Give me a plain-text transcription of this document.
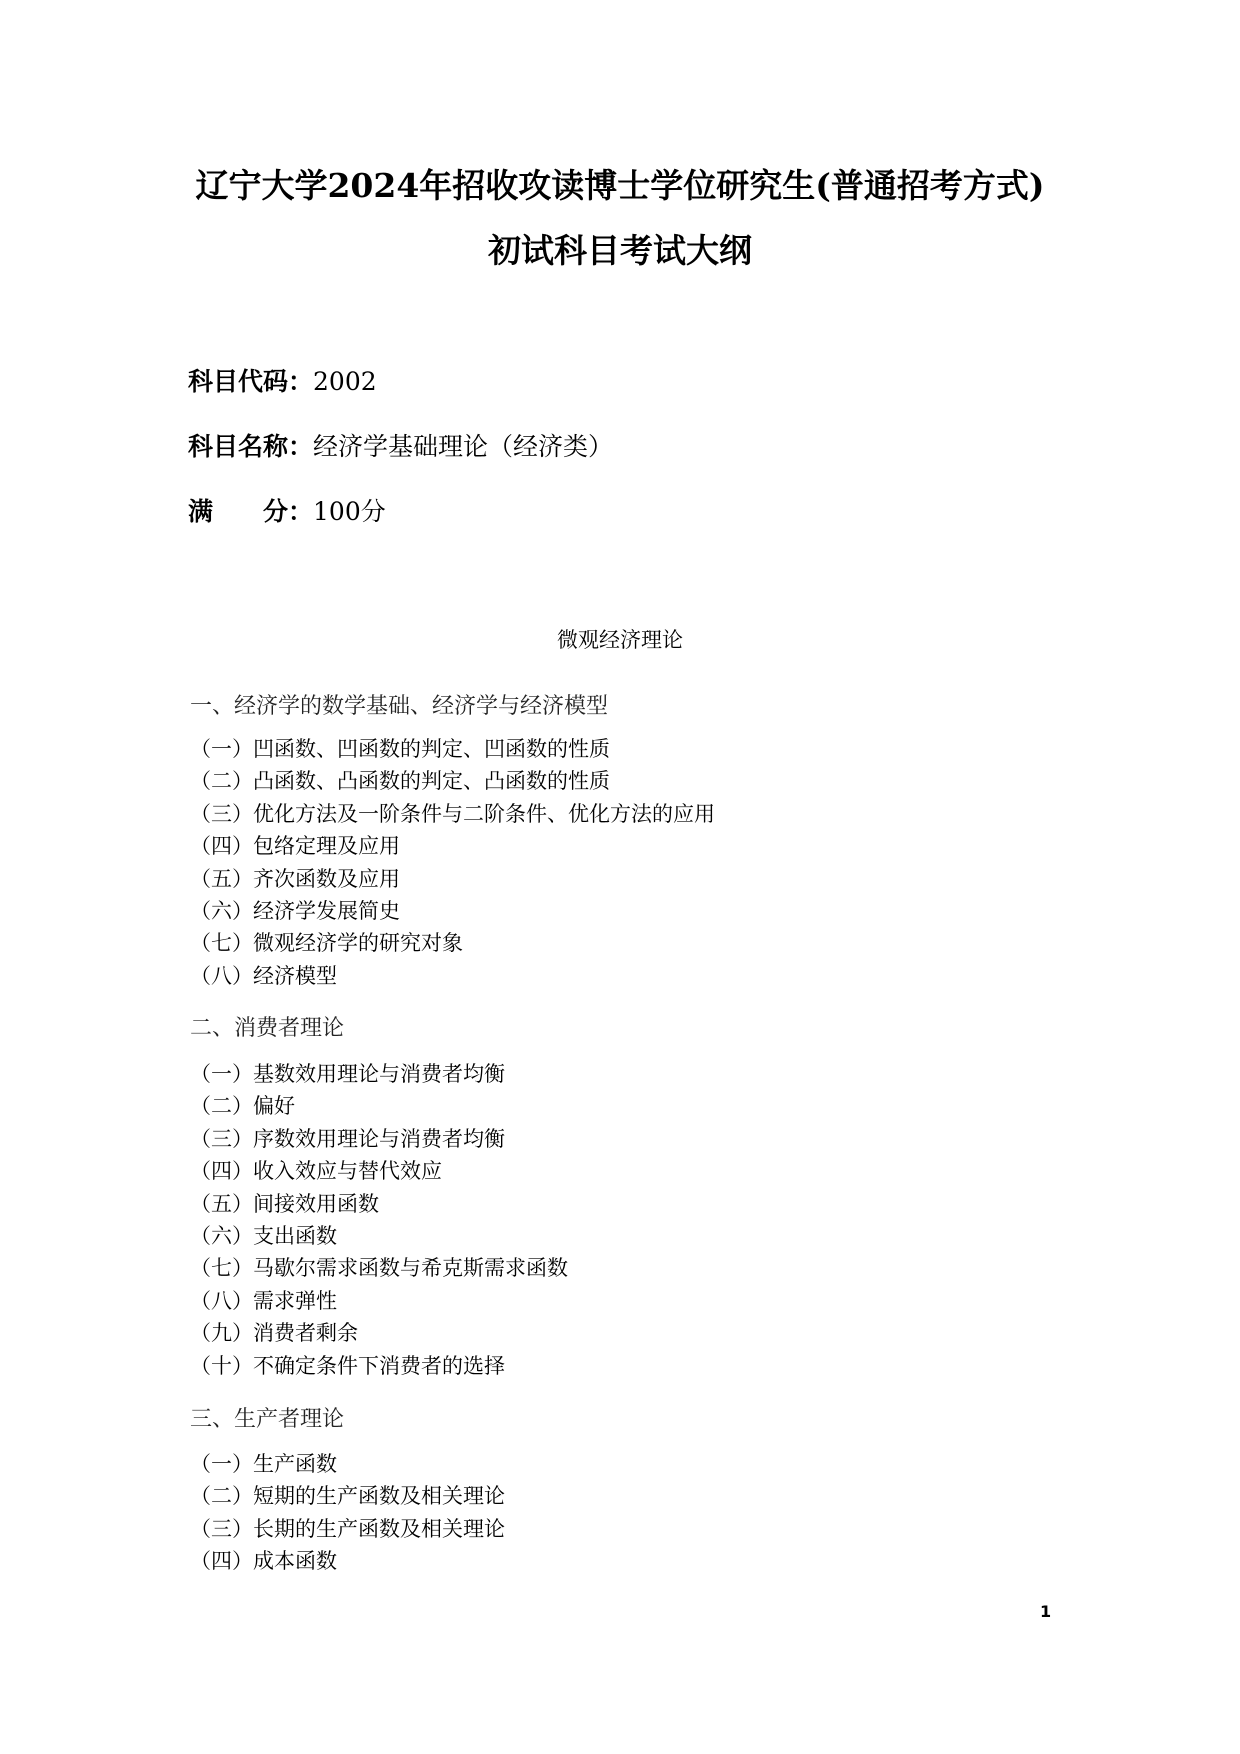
辽宁大学2024年招收攻读博士学位研究生(普通招考方式)
初试科目考试大纲
科目代码：2002
科目名称：经济学基础理论（经济类）
满　　分：100分
微观经济理论
一、经济学的数学基础、经济学与经济模型
（一）凹函数、凹函数的判定、凹函数的性质
（二）凸函数、凸函数的判定、凸函数的性质
（三）优化方法及一阶条件与二阶条件、优化方法的应用
（四）包络定理及应用
（五）齐次函数及应用
（六）经济学发展简史
（七）微观经济学的研究对象
（八）经济模型
二、消费者理论
（一）基数效用理论与消费者均衡
（二）偏好
（三）序数效用理论与消费者均衡
（四）收入效应与替代效应
（五）间接效用函数
（六）支出函数
（七）马歇尔需求函数与希克斯需求函数
（八）需求弹性
（九）消费者剩余
（十）不确定条件下消费者的选择
三、生产者理论
（一）生产函数
（二）短期的生产函数及相关理论
（三）长期的生产函数及相关理论
（四）成本函数
1
